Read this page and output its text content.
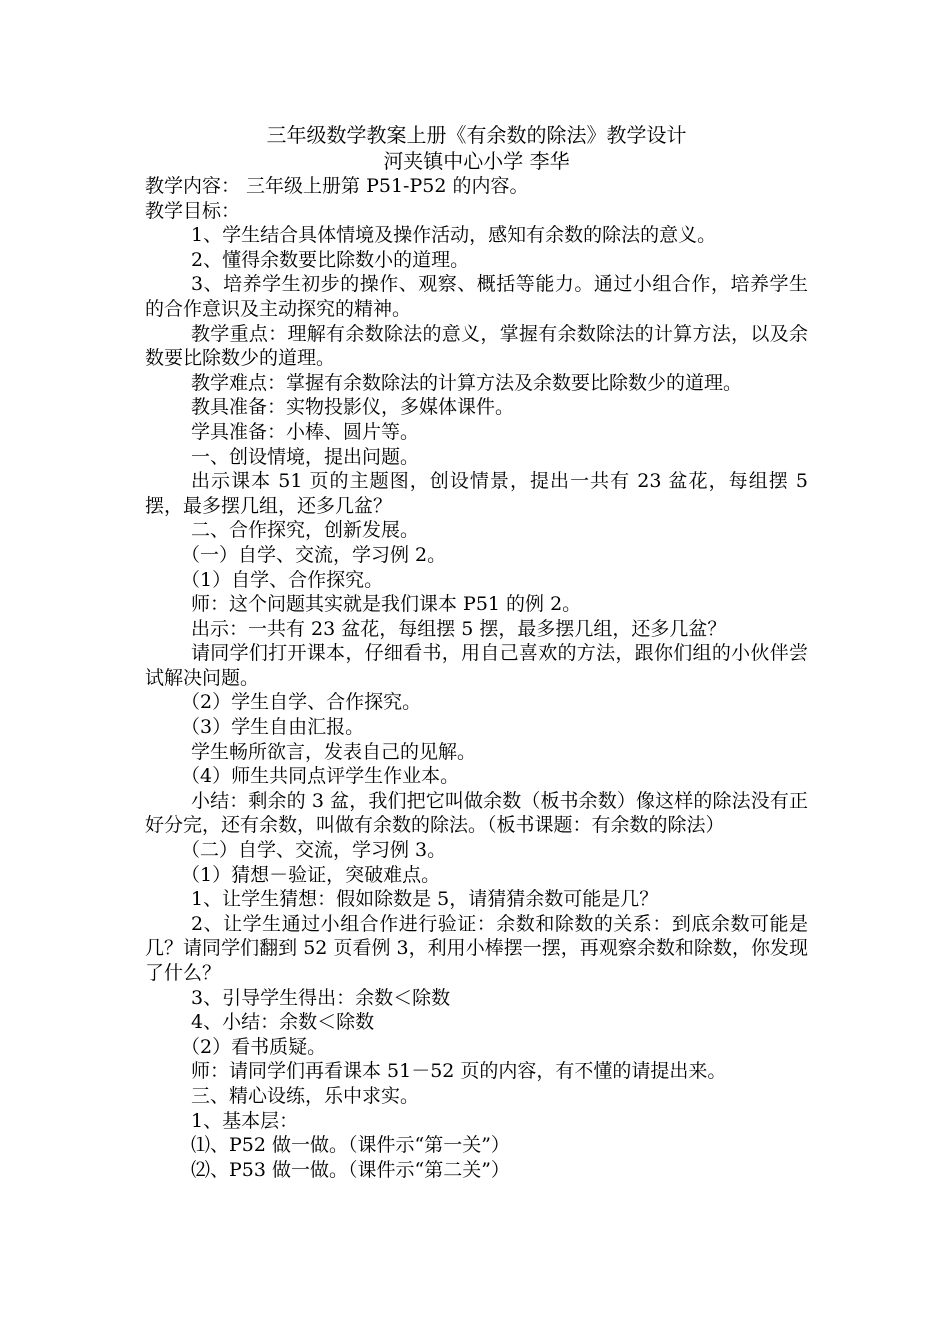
三年级数学教案上册《有余数的除法》教学设计

河夹镇中心小学 李华

教学内容： 三年级上册第 P51-P52 的内容。

教学目标：

1、学生结合具体情境及操作活动，感知有余数的除法的意义。

2、懂得余数要比除数小的道理。

3、培养学生初步的操作、观察、概括等能力。通过小组合作，培养学生的合作意识及主动探究的精神。

教学重点：理解有余数除法的意义，掌握有余数除法的计算方法，以及余数要比除数少的道理。

教学难点：掌握有余数除法的计算方法及余数要比除数少的道理。

教具准备：实物投影仪，多媒体课件。

学具准备：小棒、圆片等。

一、创设情境，提出问题。

出示课本 51 页的主题图，创设情景，提出一共有 23 盆花，每组摆 5 摆，最多摆几组，还多几盆？

二、合作探究，创新发展。

（一）自学、交流，学习例 2。

（1）自学、合作探究。

师：这个问题其实就是我们课本 P51 的例 2。

出示：一共有 23 盆花，每组摆 5 摆，最多摆几组，还多几盆？

请同学们打开课本，仔细看书，用自己喜欢的方法，跟你们组的小伙伴尝试解决问题。

（2）学生自学、合作探究。

（3）学生自由汇报。

学生畅所欲言，发表自己的见解。

（4）师生共同点评学生作业本。

小结：剩余的 3 盆，我们把它叫做余数（板书余数）像这样的除法没有正好分完，还有余数，叫做有余数的除法。（板书课题：有余数的除法）

（二）自学、交流，学习例 3。

（1）猜想－验证，突破难点。

1、让学生猜想：假如除数是 5，请猜猜余数可能是几？

2、让学生通过小组合作进行验证：余数和除数的关系：到底余数可能是几？请同学们翻到 52 页看例 3，利用小棒摆一摆，再观察余数和除数，你发现了什么？

3、引导学生得出：余数＜除数

4、小结：余数＜除数

（2）看书质疑。

师：请同学们再看课本 51－52 页的内容，有不懂的请提出来。

三、精心设练，乐中求实。

1、基本层：

⑴、P52 做一做。（课件示“第一关”）

⑵、P53 做一做。（课件示“第二关”）
